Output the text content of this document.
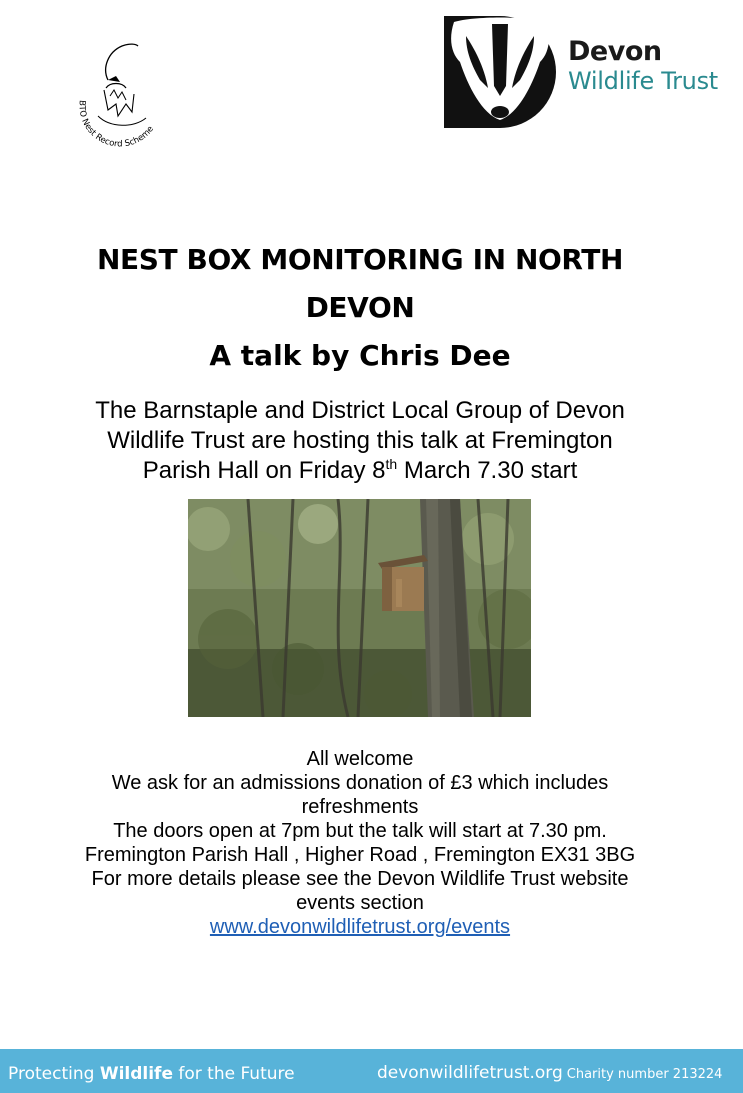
BTO Nest Record Scheme
Devon
Wildlife Trust
NEST BOX MONITORING IN NORTH
DEVON
A talk by Chris Dee

The Barnstaple and District Local Group of Devon
Wildlife Trust are hosting this talk at Fremington
Parish Hall on Friday 8th March 7.30 start

All welcome
We ask for an admissions donation of £3 which includes
refreshments
The doors open at 7pm but the talk will start at 7.30 pm.
Fremington Parish Hall , Higher Road , Fremington EX31 3BG
For more details please see the Devon Wildlife Trust website
events section
www.devonwildlifetrust.org/events

Protecting Wildlife for the Future	devonwildlifetrust.org Charity number 213224
